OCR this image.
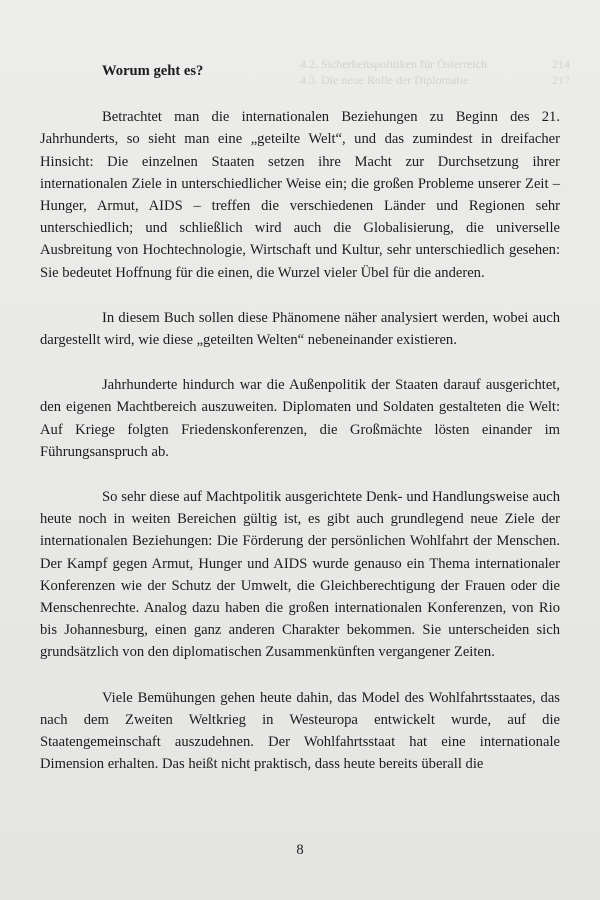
4.2. Sicherheitspolitiken für Österreich	214
4.3. Die neue Rolle der Diplomatie	217
Worum geht es?

Betrachtet man die internationalen Beziehungen zu Beginn des 21. Jahrhunderts, so sieht man eine „geteilte Welt“, und das zumindest in dreifacher Hinsicht: Die einzelnen Staaten setzen ihre Macht zur Durchsetzung ihrer internationalen Ziele in unterschiedlicher Weise ein; die großen Probleme unserer Zeit – Hunger, Armut, AIDS – treffen die verschiedenen Länder und Regionen sehr unterschiedlich; und schließlich wird auch die Globalisierung, die universelle Ausbreitung von Hochtechnologie, Wirtschaft und Kultur, sehr unterschiedlich gesehen: Sie bedeutet Hoffnung für die einen, die Wurzel vieler Übel für die anderen.

In diesem Buch sollen diese Phänomene näher analysiert werden, wobei auch dargestellt wird, wie diese „geteilten Welten“ nebeneinander existieren.

Jahrhunderte hindurch war die Außenpolitik der Staaten darauf ausgerichtet, den eigenen Machtbereich auszuweiten. Diplomaten und Soldaten gestalteten die Welt: Auf Kriege folgten Friedenskonferenzen, die Großmächte lösten einander im Führungsanspruch ab.

So sehr diese auf Machtpolitik ausgerichtete Denk- und Handlungsweise auch heute noch in weiten Bereichen gültig ist, es gibt auch grundlegend neue Ziele der internationalen Beziehungen: Die Förderung der persönlichen Wohlfahrt der Menschen. Der Kampf gegen Armut, Hunger und AIDS wurde genauso ein Thema internationaler Konferenzen wie der Schutz der Umwelt, die Gleichberechtigung der Frauen oder die Menschenrechte. Analog dazu haben die großen internationalen Konferenzen, von Rio bis Johannesburg, einen ganz anderen Charakter bekommen. Sie unterscheiden sich grundsätzlich von den diplomatischen Zusammenkünften vergangener Zeiten.

Viele Bemühungen gehen heute dahin, das Model des Wohlfahrtsstaates, das nach dem Zweiten Weltkrieg in Westeuropa entwickelt wurde, auf die Staatengemeinschaft auszudehnen. Der Wohlfahrtsstaat hat eine internationale Dimension erhalten. Das heißt nicht praktisch, dass heute bereits überall die

8
